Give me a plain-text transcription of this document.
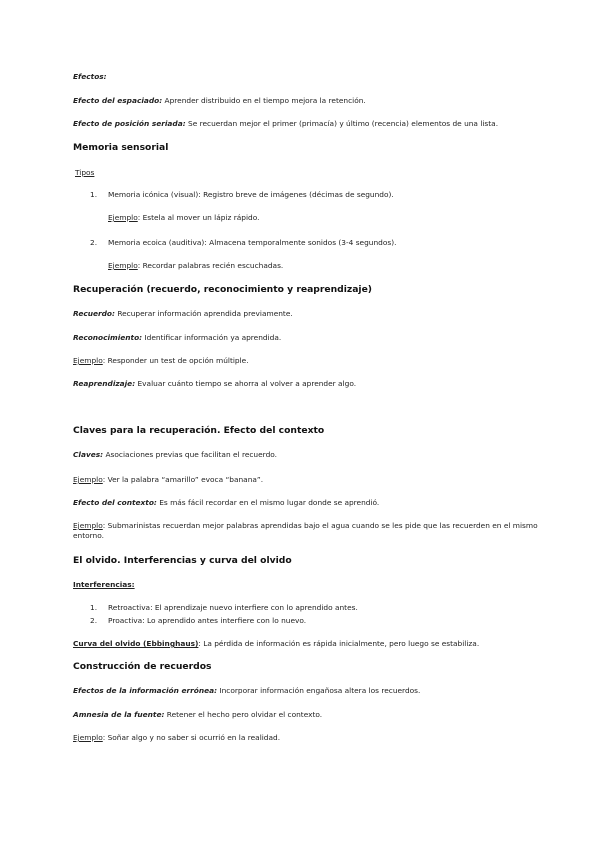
Efectos:
Efecto del espaciado: Aprender distribuido en el tiempo mejora la retención.
Efecto de posición seriada: Se recuerdan mejor el primer (primacía) y último (recencia) elementos de una lista.
Memoria sensorial
Tipos
1. Memoria icónica (visual): Registro breve de imágenes (décimas de segundo).
Ejemplo: Estela al mover un lápiz rápido.
2. Memoria ecoica (auditiva): Almacena temporalmente sonidos (3-4 segundos).
Ejemplo: Recordar palabras recién escuchadas.
Recuperación (recuerdo, reconocimiento y reaprendizaje)
Recuerdo: Recuperar información aprendida previamente.
Reconocimiento: Identificar información ya aprendida.
Ejemplo: Responder un test de opción múltiple.
Reaprendizaje: Evaluar cuánto tiempo se ahorra al volver a aprender algo.
Claves para la recuperación. Efecto del contexto
Claves: Asociaciones previas que facilitan el recuerdo.
Ejemplo: Ver la palabra “amarillo” evoca “banana”.
Efecto del contexto: Es más fácil recordar en el mismo lugar donde se aprendió.
Ejemplo: Submarinistas recuerdan mejor palabras aprendidas bajo el agua cuando se les pide que las recuerden en el mismo entorno.
El olvido. Interferencias y curva del olvido
Interferencias:
1. Retroactiva: El aprendizaje nuevo interfiere con lo aprendido antes.
2. Proactiva: Lo aprendido antes interfiere con lo nuevo.
Curva del olvido (Ebbinghaus): La pérdida de información es rápida inicialmente, pero luego se estabiliza.
Construcción de recuerdos
Efectos de la información errónea: Incorporar información engañosa altera los recuerdos.
Amnesia de la fuente: Retener el hecho pero olvidar el contexto.
Ejemplo: Soñar algo y no saber si ocurrió en la realidad.
